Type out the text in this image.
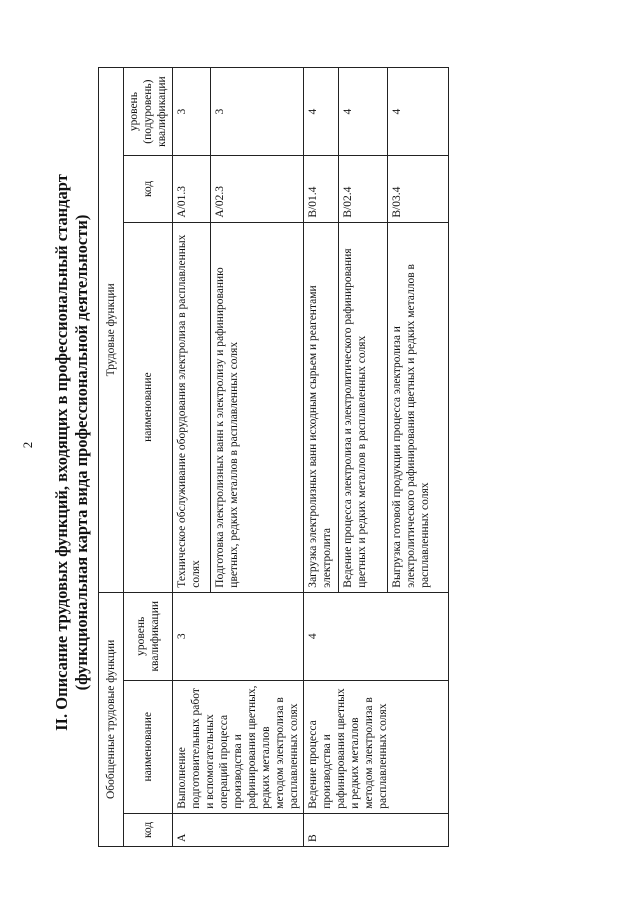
2 II. Описание трудовых функций, входящих в профессиональный стандарт (функциональная карта вида профессиональной деятельности)
Обобщенные трудовые функции			Трудовые функции		
код	наименование	уровень квалификации	наименование	код	уровень (подуровень) квалификации
A	Выполнение подготовительных работ и вспомогательных операций процесса производства и рафинирования цветных, редких металлов методом электролиза в расплавленных солях	3	Техническое обслуживание оборудования электролиза в расплавленных солях	A/01.3	3
			Подготовка электролизных ванн к электролизу и рафинированию цветных, редких металлов в расплавленных солях	A/02.3	3
B	Ведение процесса производства и рафинирования цветных и редких металлов методом электролиза в расплавленных солях	4	Загрузка электролизных ванн исходным сырьем и реагентами электролита	B/01.4	4
			Ведение процесса электролиза и электролитического рафинирования цветных и редких металлов в расплавленных солях	B/02.4	4
			Выгрузка готовой продукции процесса электролиза и электролитического рафинирования цветных и редких металлов в расплавленных солях	B/03.4	4
